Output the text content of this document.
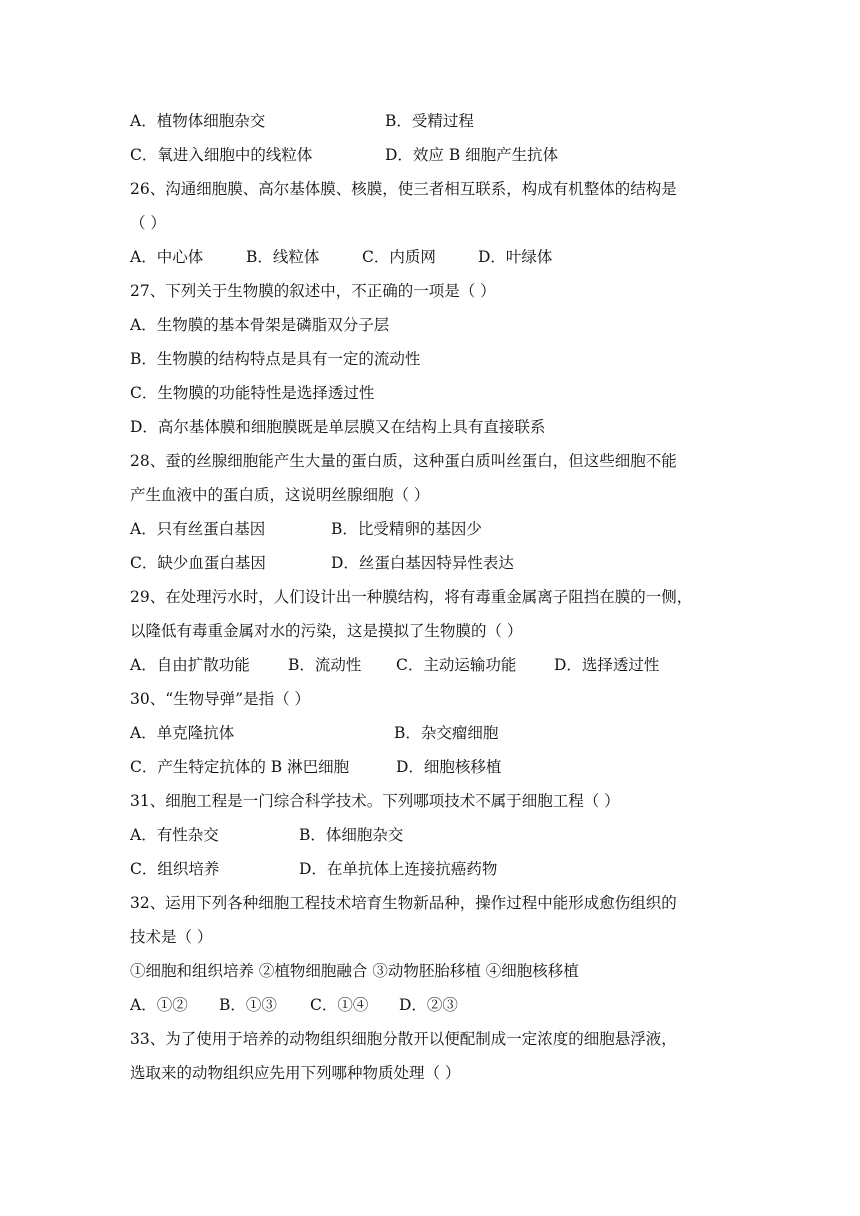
A．植物体细胞杂交	B．受精过程
C．氧进入细胞中的线粒体	D．效应 B 细胞产生抗体
26、沟通细胞膜、高尔基体膜、核膜，使三者相互联系，构成有机整体的结构是
（ ）
A．中心体	B．线粒体	C．内质网	D．叶绿体
27、下列关于生物膜的叙述中，不正确的一项是（ ）
A．生物膜的基本骨架是磷脂双分子层
B．生物膜的结构特点是具有一定的流动性
C．生物膜的功能特性是选择透过性
D．高尔基体膜和细胞膜既是单层膜又在结构上具有直接联系
28、蚕的丝腺细胞能产生大量的蛋白质，这种蛋白质叫丝蛋白，但这些细胞不能
产生血液中的蛋白质，这说明丝腺细胞（ ）
A．只有丝蛋白基因	B．比受精卵的基因少
C．缺少血蛋白基因	D．丝蛋白基因特异性表达
29、在处理污水时，人们设计出一种膜结构，将有毒重金属离子阻挡在膜的一侧，
以隆低有毒重金属对水的污染，这是摸拟了生物膜的（ ）
A．自由扩散功能 B．流动性 C．主动运输功能 D．选择透过性
30、“生物导弹”是指（ ）
A．单克隆抗体	B．杂交瘤细胞
C．产生特定抗体的 B 淋巴细胞	D．细胞核移植
31、细胞工程是一门综合科学技术。下列哪项技术不属于细胞工程（ ）
A．有性杂交	B．体细胞杂交
C．组织培养	D．在单抗体上连接抗癌药物
32、运用下列各种细胞工程技术培育生物新品种，操作过程中能形成愈伤组织的
技术是（ ）
①细胞和组织培养 ②植物细胞融合 ③动物胚胎移植 ④细胞核移植
A．①② B．①③ C．①④ D．②③
33、为了使用于培养的动物组织细胞分散开以便配制成一定浓度的细胞悬浮液，
选取来的动物组织应先用下列哪种物质处理（ ）
